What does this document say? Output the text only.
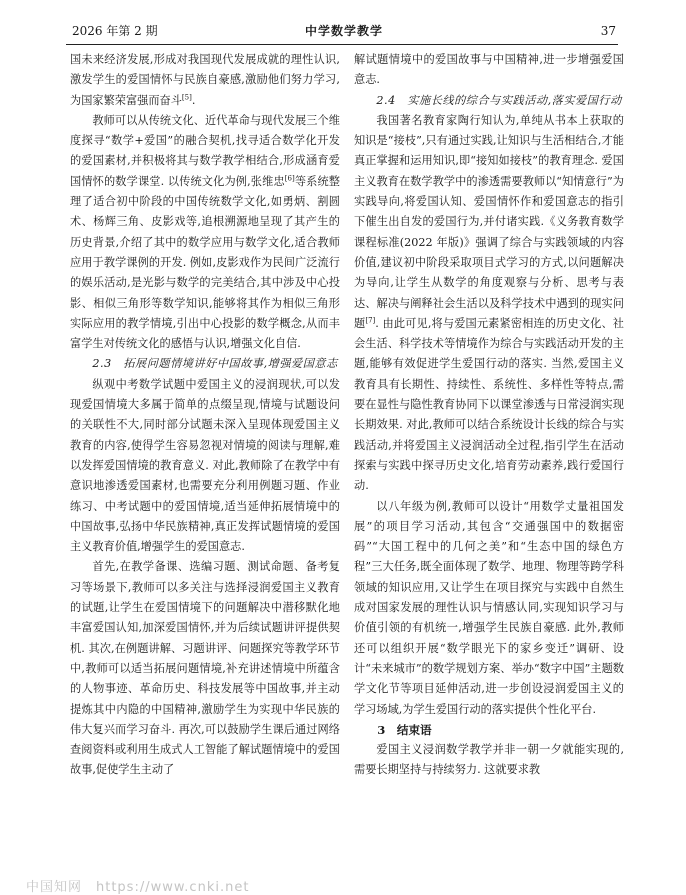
2026 年第 2 期	中学数学教学	37

国未来经济发展,形成对我国现代发展成就的理性认识,激发学生的爱国情怀与民族自豪感,激励他们努力学习,为国家繁荣富强而奋斗[5].

教师可以从传统文化、近代革命与现代发展三个维度探寻“数学+爱国”的融合契机,找寻适合数学化开发的爱国素材,并积极将其与数学教学相结合,形成涵育爱国情怀的数学课堂. 以传统文化为例,张维忠[6]等系统整理了适合初中阶段的中国传统数学文化,如勇炳、割圆术、杨辉三角、皮影戏等,追根溯源地呈现了其产生的历史背景,介绍了其中的数学应用与数学文化,适合教师应用于教学课例的开发. 例如,皮影戏作为民间广泛流行的娱乐活动,是光影与数学的完美结合,其中涉及中心投影、相似三角形等数学知识,能够将其作为相似三角形实际应用的教学情境,引出中心投影的数学概念,从而丰富学生对传统文化的感悟与认识,增强文化自信.

2.3　拓展问题情境讲好中国故事,增强爱国意志

纵观中考数学试题中爱国主义的浸润现状,可以发现爱国情境大多属于简单的点缀呈现,情境与试题设问的关联性不大,同时部分试题未深入呈现体现爱国主义教育的内容,使得学生容易忽视对情境的阅读与理解,难以发挥爱国情境的教育意义. 对此,教师除了在教学中有意识地渗透爱国素材,也需要充分利用例题习题、作业练习、中考试题中的爱国情境,适当延伸拓展情境中的中国故事,弘扬中华民族精神,真正发挥试题情境的爱国主义教育价值,增强学生的爱国意志.

首先,在教学备课、选编习题、测试命题、备考复习等场景下,教师可以多关注与选择浸润爱国主义教育的试题,让学生在爱国情境下的问题解决中潜移默化地丰富爱国认知,加深爱国情怀,并为后续试题讲评提供契机. 其次,在例题讲解、习题讲评、问题探究等教学环节中,教师可以适当拓展问题情境,补充讲述情境中所蕴含的人物事迹、革命历史、科技发展等中国故事,并主动提炼其中内隐的中国精神,激励学生为实现中华民族的伟大复兴而学习奋斗. 再次,可以鼓励学生课后通过网络查阅资料或利用生成式人工智能了解试题情境中的爱国故事,促使学生主动了

解试题情境中的爱国故事与中国精神,进一步增强爱国意志.

2.4　实施长线的综合与实践活动,落实爱国行动

我国著名教育家陶行知认为,单纯从书本上获取的知识是“接枝”,只有通过实践,让知识与生活相结合,才能真正掌握和运用知识,即“接知如接枝”的教育理念. 爱国主义教育在数学教学中的渗透需要教师以“知情意行”为实践导向,将爱国认知、爱国情怀作和爱国意志的指引下催生出自发的爱国行为,并付诸实践.《义务教育数学课程标准(2022 年版)》强调了综合与实践领域的内容价值,建议初中阶段采取项目式学习的方式,以问题解决为导向,让学生从数学的角度观察与分析、思考与表达、解决与阐释社会生活以及科学技术中遇到的现实问题[7]. 由此可见,将与爱国元素紧密相连的历史文化、社会生活、科学技术等情境作为综合与实践活动开发的主题,能够有效促进学生爱国行动的落实. 当然,爱国主义教育具有长期性、持续性、系统性、多样性等特点,需要在显性与隐性教育协同下以课堂渗透与日常浸润实现长期效果. 对此,教师可以结合系统设计长线的综合与实践活动,并将爱国主义浸润活动全过程,指引学生在活动探索与实践中探寻历史文化,培育劳动素养,践行爱国行动.

以八年级为例,教师可以设计“用数学丈量祖国发展”的项目学习活动,其包含“交通强国中的数据密码”“大国工程中的几何之美”和“生态中国的绿色方程”三大任务,既全面体现了数学、地理、物理等跨学科领域的知识应用,又让学生在项目探究与实践中自然生成对国家发展的理性认识与情感认同,实现知识学习与价值引领的有机统一,增强学生民族自豪感. 此外,教师还可以组织开展“数学眼光下的家乡变迁”调研、设计“未来城市”的数学规划方案、举办“数字中国”主题数学文化节等项目延伸活动,进一步创设浸润爱国主义的学习场域,为学生爱国行动的落实提供个性化平台.

3　结束语

爱国主义浸润数学教学并非一朝一夕就能实现的,需要长期坚持与持续努力. 这就要求教

中国知网　https://www.cnki.net
